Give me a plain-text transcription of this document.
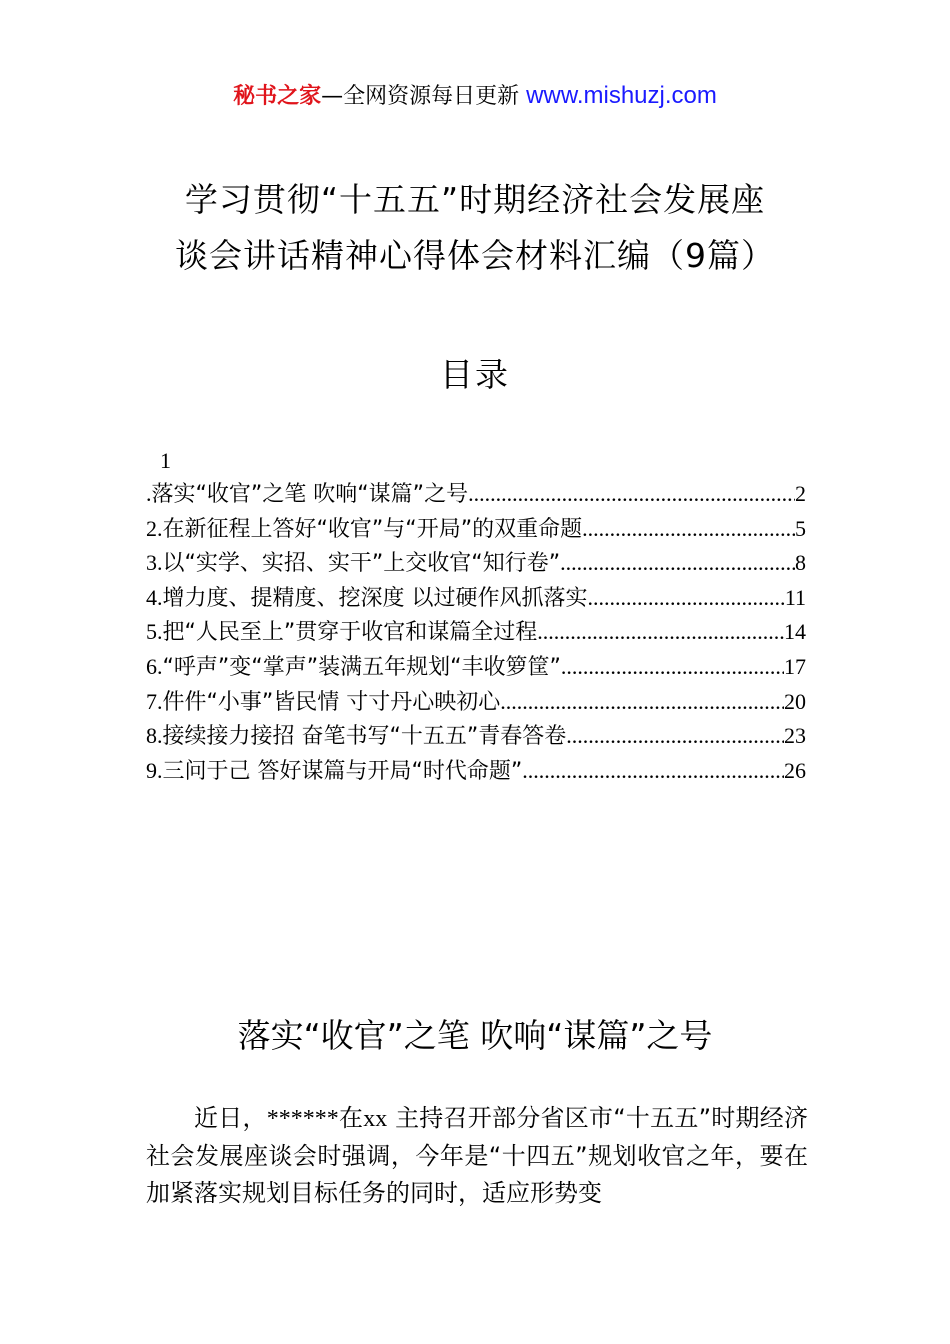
秘书之家—全网资源每日更新 www.mishuzj.com
学习贯彻“十五五”时期经济社会发展座
谈会讲话精神心得体会材料汇编（9篇）
目录
1
. 落实“收官”之笔 吹响“谋篇”之号 .....	2
2. 在新征程上答好“收官”与“开局”的双重命题 .....	5
3. 以“实学、实招、实干”上交收官“知行卷” .....	8
4. 增力度、提精度、挖深度 以过硬作风抓落实 .....	11
5. 把“人民至上”贯穿于收官和谋篇全过程 .....	14
6. “呼声”变“掌声”装满五年规划“丰收箩筐” .....	17
7. 件件“小事”皆民情 寸寸丹心映初心 .....	20
8. 接续接力接招 奋笔书写“十五五”青春答卷 .....	23
9. 三问于己 答好谋篇与开局“时代命题” .....	26
落实“收官”之笔 吹响“谋篇”之号
近日，******在xx 主持召开部分省区市“十五五”时期经济社会发展座谈会时强调，今年是“十四五”规划收官之年，要在加紧落实规划目标任务的同时，适应形势变
